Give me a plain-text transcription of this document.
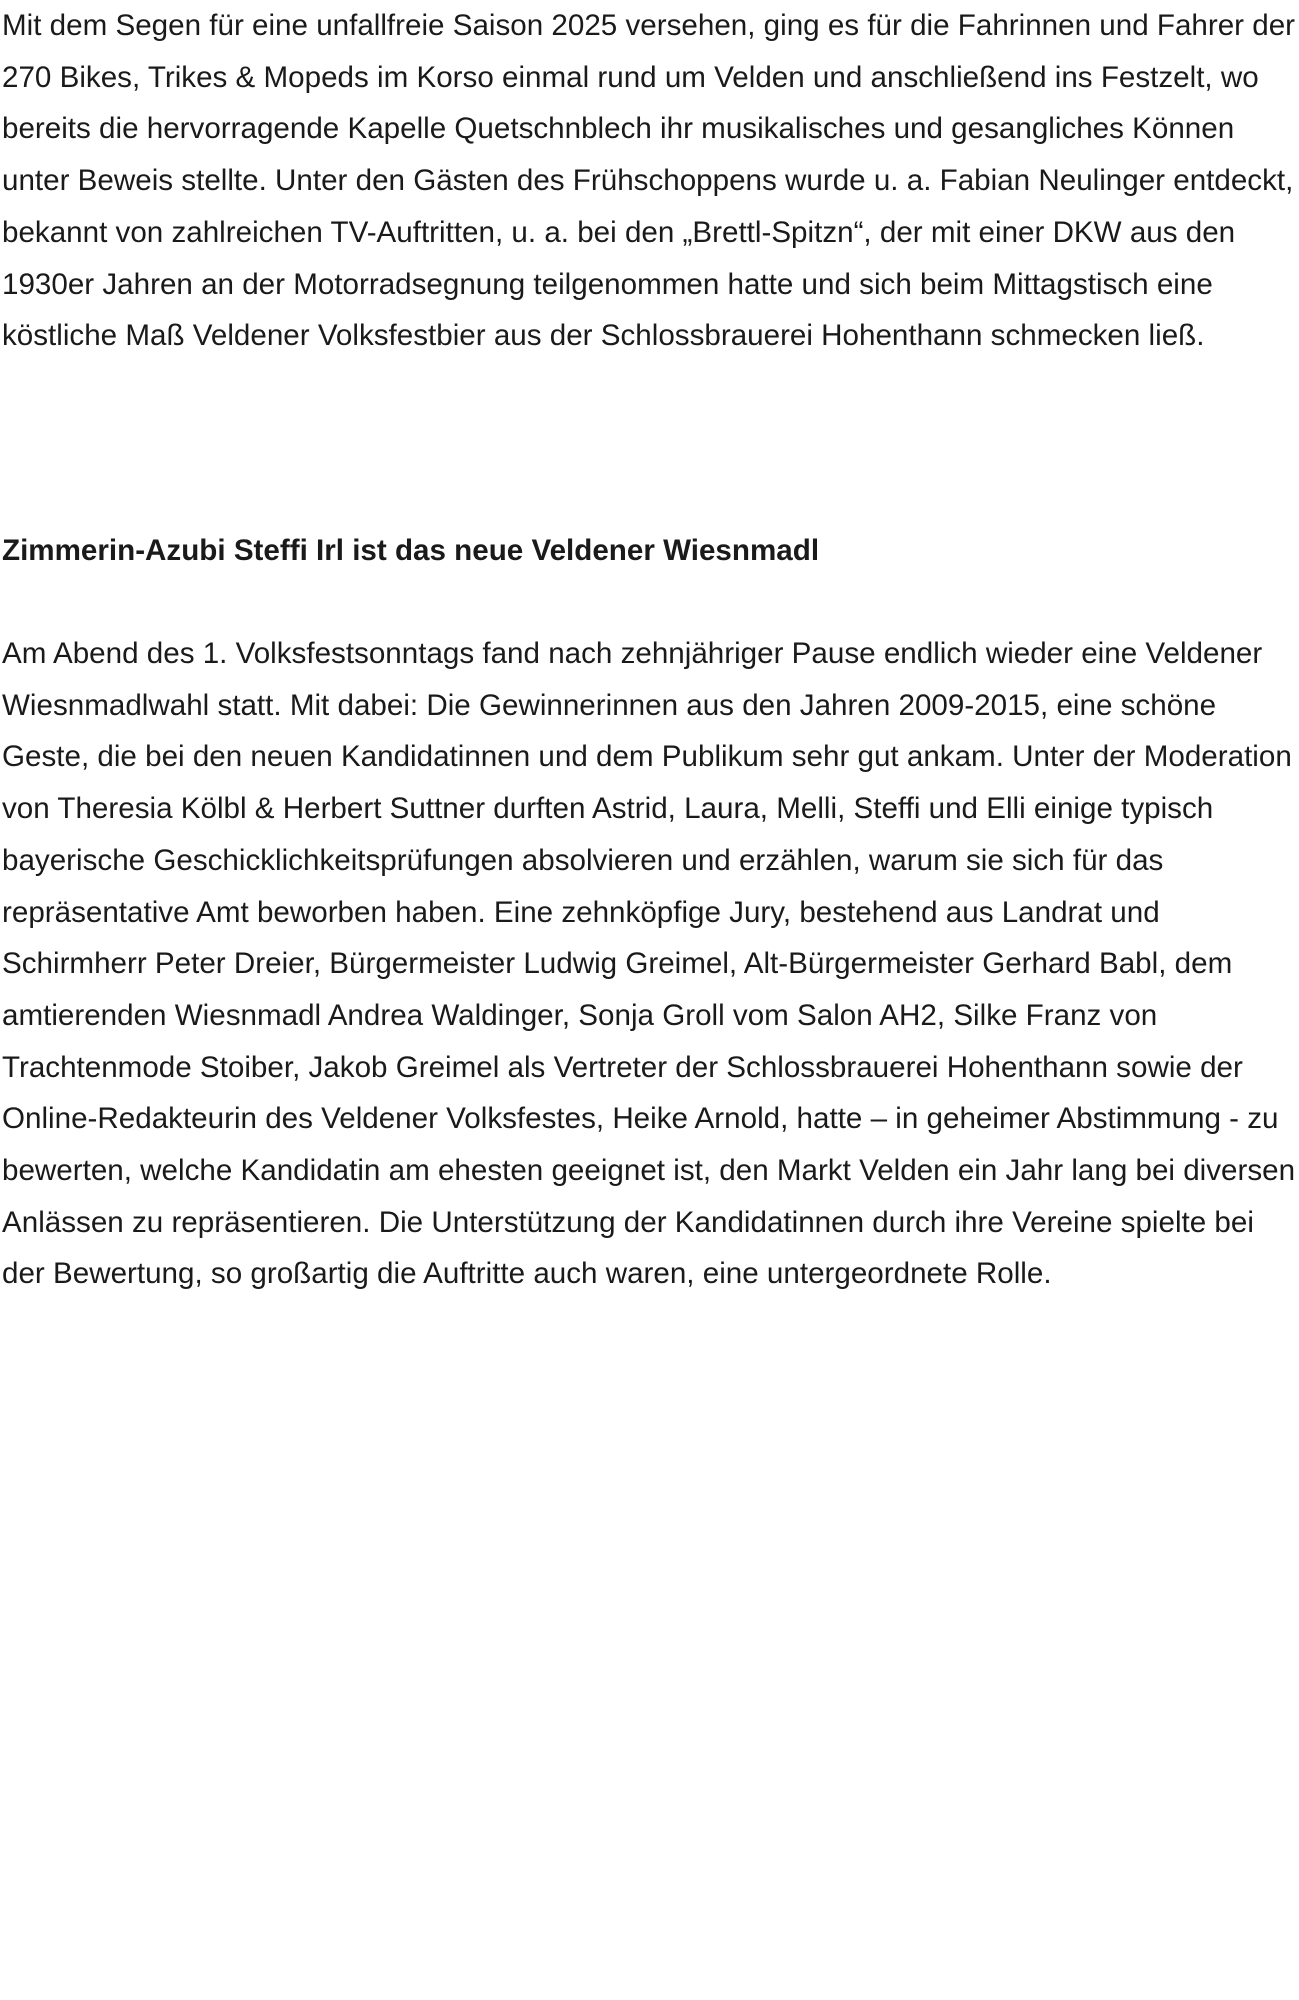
Mit dem Segen für eine unfallfreie Saison 2025 versehen, ging es für die Fahrinnen und Fahrer der 270 Bikes, Trikes & Mopeds im Korso einmal rund um Velden und anschließend ins Festzelt, wo bereits die hervorragende Kapelle Quetschnblech ihr musikalisches und gesangliches Können unter Beweis stellte. Unter den Gästen des Frühschoppens wurde u. a. Fabian Neulinger entdeckt, bekannt von zahlreichen TV-Auftritten, u. a. bei den „Brettl-Spitzn“, der mit einer DKW aus den 1930er Jahren an der Motorradsegnung teilgenommen hatte und sich beim Mittagstisch eine köstliche Maß Veldener Volksfestbier aus der Schlossbrauerei Hohenthann schmecken ließ.

Zimmerin-Azubi Steffi Irl ist das neue Veldener Wiesnmadl

Am Abend des 1. Volksfestsonntags fand nach zehnjähriger Pause endlich wieder eine Veldener Wiesnmadlwahl statt. Mit dabei: Die Gewinnerinnen aus den Jahren 2009-2015, eine schöne Geste, die bei den neuen Kandidatinnen und dem Publikum sehr gut ankam. Unter der Moderation von Theresia Kölbl & Herbert Suttner durften Astrid, Laura, Melli, Steffi und Elli einige typisch bayerische Geschicklichkeitsprüfungen absolvieren und erzählen, warum sie sich für das repräsentative Amt beworben haben. Eine zehnköpfige Jury, bestehend aus Landrat und Schirmherr Peter Dreier, Bürgermeister Ludwig Greimel, Alt-Bürgermeister Gerhard Babl, dem amtierenden Wiesnmadl Andrea Waldinger, Sonja Groll vom Salon AH2, Silke Franz von Trachtenmode Stoiber, Jakob Greimel als Vertreter der Schlossbrauerei Hohenthann sowie der Online-Redakteurin des Veldener Volksfestes, Heike Arnold, hatte – in geheimer Abstimmung - zu bewerten, welche Kandidatin am ehesten geeignet ist, den Markt Velden ein Jahr lang bei diversen Anlässen zu repräsentieren. Die Unterstützung der Kandidatinnen durch ihre Vereine spielte bei der Bewertung, so großartig die Auftritte auch waren, eine untergeordnete Rolle.
